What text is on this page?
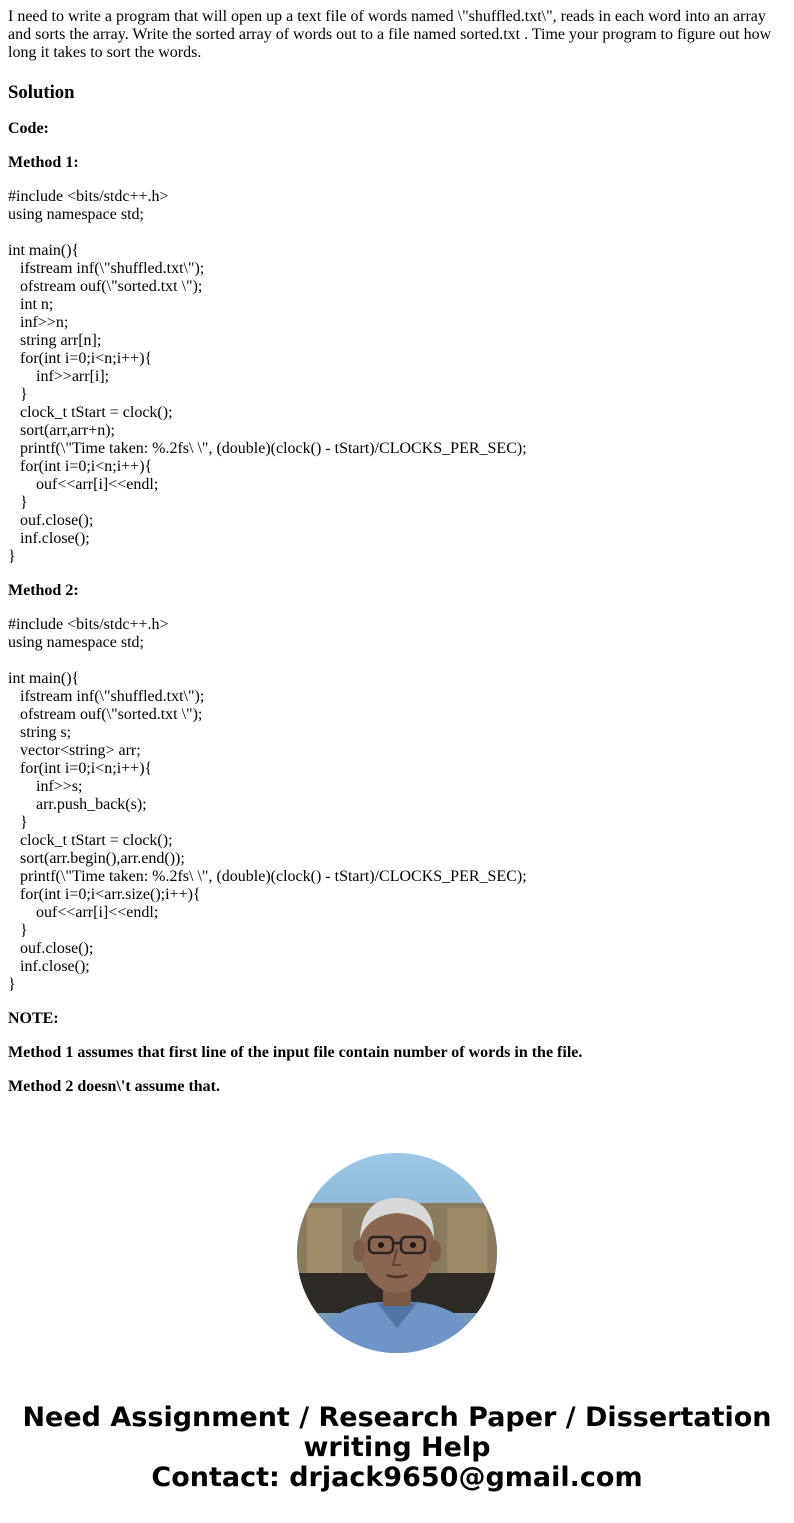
I need to write a program that will open up a text file of words named \"shuffled.txt\", reads in each word into an array and sorts the array. Write the sorted array of words out to a file named sorted.txt . Time your program to figure out how long it takes to sort the words.

Solution

Code:

Method 1:

#include <bits/stdc++.h>
using namespace std;
int main(){
ifstream inf(\"shuffled.txt\");
ofstream ouf(\"sorted.txt \");
int n;
inf>>n;
string arr[n];
for(int i=0;i<n;i++){
inf>>arr[i];
}
clock_t tStart = clock();
sort(arr,arr+n);
printf(\"Time taken: %.2fs\ \", (double)(clock() - tStart)/CLOCKS_PER_SEC);
for(int i=0;i<n;i++){
ouf<<arr[i]<<endl;
}
ouf.close();
inf.close();
}

Method 2:

#include <bits/stdc++.h>
using namespace std;
int main(){
ifstream inf(\"shuffled.txt\");
ofstream ouf(\"sorted.txt \");
string s;
vector<string> arr;
for(int i=0;i<n;i++){
inf>>s;
arr.push_back(s);
}
clock_t tStart = clock();
sort(arr.begin(),arr.end());
printf(\"Time taken: %.2fs\ \", (double)(clock() - tStart)/CLOCKS_PER_SEC);
for(int i=0;i<arr.size();i++){
ouf<<arr[i]<<endl;
}
ouf.close();
inf.close();
}

NOTE:

Method 1 assumes that first line of the input file contain number of words in the file.

Method 2 doesn\'t assume that.

Need Assignment / Research Paper / Dissertation
writing Help
Contact: drjack9650@gmail.com
